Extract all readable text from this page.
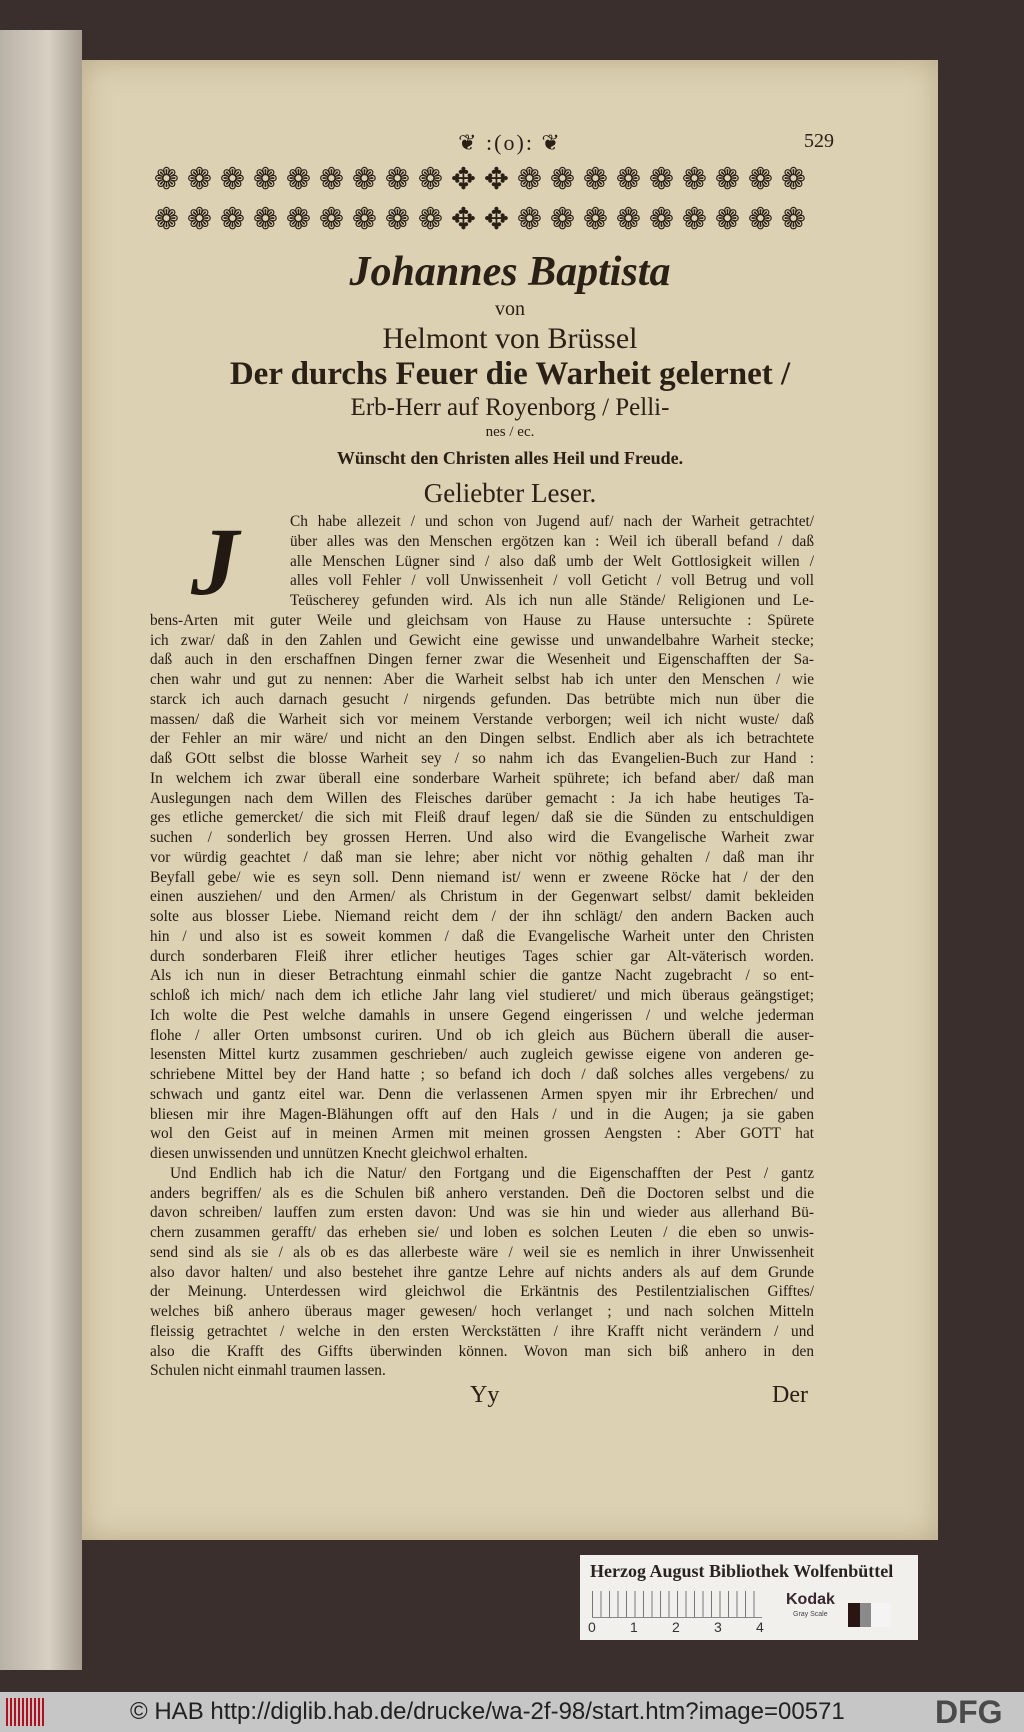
❦ :(o): ❦	529
❁ ❁ ❁ ❁ ❁ ❁ ❁ ❁ ❁ ✥ ✥ ❁ ❁ ❁ ❁ ❁ ❁ ❁ ❁ ❁
❁ ❁ ❁ ❁ ❁ ❁ ❁ ❁ ❁ ✥ ✥ ❁ ❁ ❁ ❁ ❁ ❁ ❁ ❁ ❁
Johannes Baptista
von
Helmont von Brüssel
Der durchs Feuer die Warheit gelernet /
Erb-Herr auf Royenborg / Pelli-
nes / ec.
Wünscht den Christen alles Heil und Freude.
Geliebter Leser.
J	Ch habe allezeit / und schon von Jugend auf/ nach der Warheit getrachtet/
über alles was den Menschen ergötzen kan : Weil ich überall befand / daß
alle Menschen Lügner sind / also daß umb der Welt Gottlosigkeit willen /
alles voll Fehler / voll Unwissenheit / voll Geticht / voll Betrug und voll
Teüscherey gefunden wird. Als ich nun alle Stände/ Religionen und Le-
bens-Arten mit guter Weile und gleichsam von Hause zu Hause untersuchte : Spürete
ich zwar/ daß in den Zahlen und Gewicht eine gewisse und unwandelbahre Warheit stecke;
daß auch in den erschaffnen Dingen ferner zwar die Wesenheit und Eigenschafften der Sa-
chen wahr und gut zu nennen: Aber die Warheit selbst hab ich unter den Menschen / wie
starck ich auch darnach gesucht / nirgends gefunden. Das betrübte mich nun über die
massen/ daß die Warheit sich vor meinem Verstande verborgen; weil ich nicht wuste/ daß
der Fehler an mir wäre/ und nicht an den Dingen selbst. Endlich aber als ich betrachtete
daß GOtt selbst die blosse Warheit sey / so nahm ich das Evangelien-Buch zur Hand :
In welchem ich zwar überall eine sonderbare Warheit spührete; ich befand aber/ daß man
Auslegungen nach dem Willen des Fleisches darüber gemacht : Ja ich habe heutiges Ta-
ges etliche gemercket/ die sich mit Fleiß drauf legen/ daß sie die Sünden zu entschuldigen
suchen / sonderlich bey grossen Herren. Und also wird die Evangelische Warheit zwar
vor würdig geachtet / daß man sie lehre; aber nicht vor nöthig gehalten / daß man ihr
Beyfall gebe/ wie es seyn soll. Denn niemand ist/ wenn er zweene Röcke hat / der den
einen ausziehen/ und den Armen/ als Christum in der Gegenwart selbst/ damit bekleiden
solte aus blosser Liebe. Niemand reicht dem / der ihn schlägt/ den andern Backen auch
hin / und also ist es soweit kommen / daß die Evangelische Warheit unter den Christen
durch sonderbaren Fleiß ihrer etlicher heutiges Tages schier gar Alt-väterisch worden.
Als ich nun in dieser Betrachtung einmahl schier die gantze Nacht zugebracht / so ent-
schloß ich mich/ nach dem ich etliche Jahr lang viel studieret/ und mich überaus geängstiget;
Ich wolte die Pest welche damahls in unsere Gegend eingerissen / und welche jederman
flohe / aller Orten umbsonst curiren. Und ob ich gleich aus Büchern überall die auser-
lesensten Mittel kurtz zusammen geschrieben/ auch zugleich gewisse eigene von anderen ge-
schriebene Mittel bey der Hand hatte ; so befand ich doch / daß solches alles vergebens/ zu
schwach und gantz eitel war. Denn die verlassenen Armen spyen mir ihr Erbrechen/ und
bliesen mir ihre Magen-Blähungen offt auf den Hals / und in die Augen; ja sie gaben
wol den Geist auf in meinen Armen mit meinen grossen Aengsten : Aber GOTT hat
diesen unwissenden und unnützen Knecht gleichwol erhalten.
Und Endlich hab ich die Natur/ den Fortgang und die Eigenschafften der Pest / gantz
anders begriffen/ als es die Schulen biß anhero verstanden. Deñ die Doctoren selbst und die
davon schreiben/ lauffen zum ersten davon: Und was sie hin und wieder aus allerhand Bü-
chern zusammen gerafft/ das erheben sie/ und loben es solchen Leuten / die eben so unwis-
send sind als sie / als ob es das allerbeste wäre / weil sie es nemlich in ihrer Unwissenheit
also davor halten/ und also bestehet ihre gantze Lehre auf nichts anders als auf dem Grunde
der Meinung. Unterdessen wird gleichwol die Erkäntnis des Pestilentzialischen Gifftes/
welches biß anhero überaus mager gewesen/ hoch verlanget ; und nach solchen Mitteln
fleissig getrachtet / welche in den ersten Werckstätten / ihre Krafft nicht verändern / und
also die Krafft des Giffts überwinden können. Wovon man sich biß anhero in den
Schulen nicht einmahl traumen lassen.
Yy	Der
Herzog August Bibliothek Wolfenbüttel
0 1 2 3 4
Kodak
Gray Scale
© HAB http://diglib.hab.de/drucke/wa-2f-98/start.htm?image=00571	DFG
